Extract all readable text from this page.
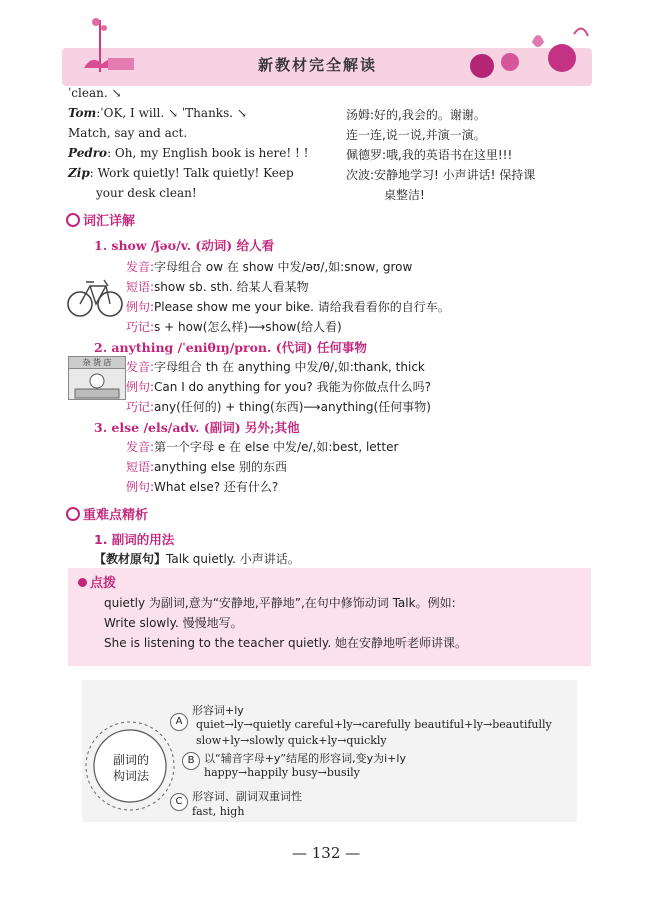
新教材完全解读
ˈclean. ↘
Tom:ˈOK, I will. ↘ ˈThanks. ↘
Match, say and act.
Pedro: Oh, my English book is here! ! !
Zip: Work quietly! Talk quietly! Keep
your desk clean!
汤姆:好的,我会的。谢谢。
连一连,说一说,并演一演。
佩德罗:哦,我的英语书在这里!!!
次波:安静地学习! 小声讲话! 保持课
桌整洁!
词汇详解
1. show /ʃəʊ/v. (动词) 给人看
发音:字母组合 ow 在 show 中发/əʊ/,如:snow, grow
短语:show sb. sth. 给某人看某物
例句:Please show me your bike. 请给我看看你的自行车。
巧记:s + how(怎么样)⟶show(给人看)
2. anything /ˈeniθɪŋ/pron. (代词) 任何事物
杂 货 店	发音:字母组合 th 在 anything 中发/θ/,如:thank, thick
例句:Can I do anything for you? 我能为你做点什么吗?
巧记:any(任何的) + thing(东西)⟶anything(任何事物)
3. else /els/adv. (副词) 另外;其他
发音:第一个字母 e 在 else 中发/e/,如:best, letter
短语:anything else 别的东西
例句:What else? 还有什么?
重难点精析
1. 副词的用法
【教材原句】Talk quietly. 小声讲话。
点拨
quietly 为副词,意为“安静地,平静地”,在句中修饰动词 Talk。例如:
Write slowly. 慢慢地写。
She is listening to the teacher quietly. 她在安静地听老师讲课。
副词的
构词法
A
形容词+ly
quiet→ly→quietly careful+ly→carefully beautiful+ly→beautifully
slow+ly→slowly quick+ly→quickly
B 以“辅音字母+y”结尾的形容词,变y为i+ly
happy→happily busy→busily
C 形容词、副词双重词性
fast, high
— 132 —
